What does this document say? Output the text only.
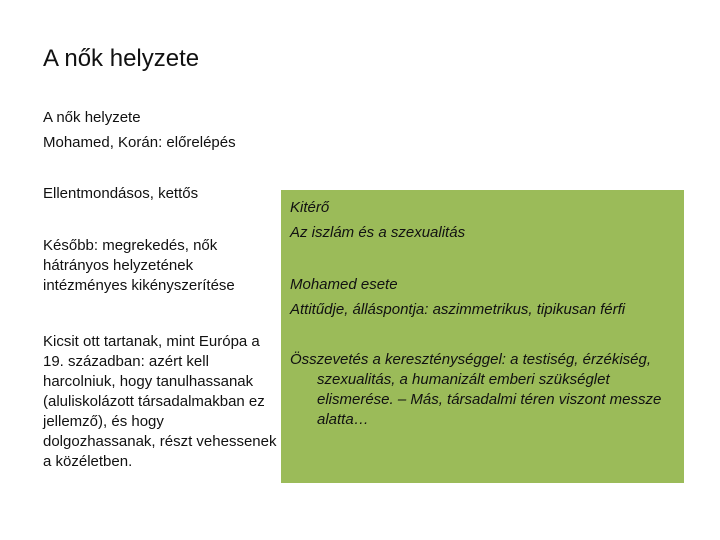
A nők helyzete
A nők helyzete
Mohamed, Korán: előrelépés
Ellentmondásos, kettős
Később: megrekedés, nők hátrányos helyzetének intézményes kikényszerítése
Kicsit ott tartanak, mint Európa a 19. században: azért kell harcolniuk, hogy tanulhassanak (aluliskolázott társadalmakban ez jellemző), és hogy dolgozhassanak, részt vehessenek a közéletben.
Kitérő
Az iszlám és a szexualitás
Mohamed esete
Attitűdje, álláspontja: aszimmetrikus, tipikusan férfi
Összevetés a kereszténységgel: a testiség, érzékiség, szexualitás, a humanizált emberi szükséglet elismerése. – Más, társadalmi téren viszont messze alatta…
